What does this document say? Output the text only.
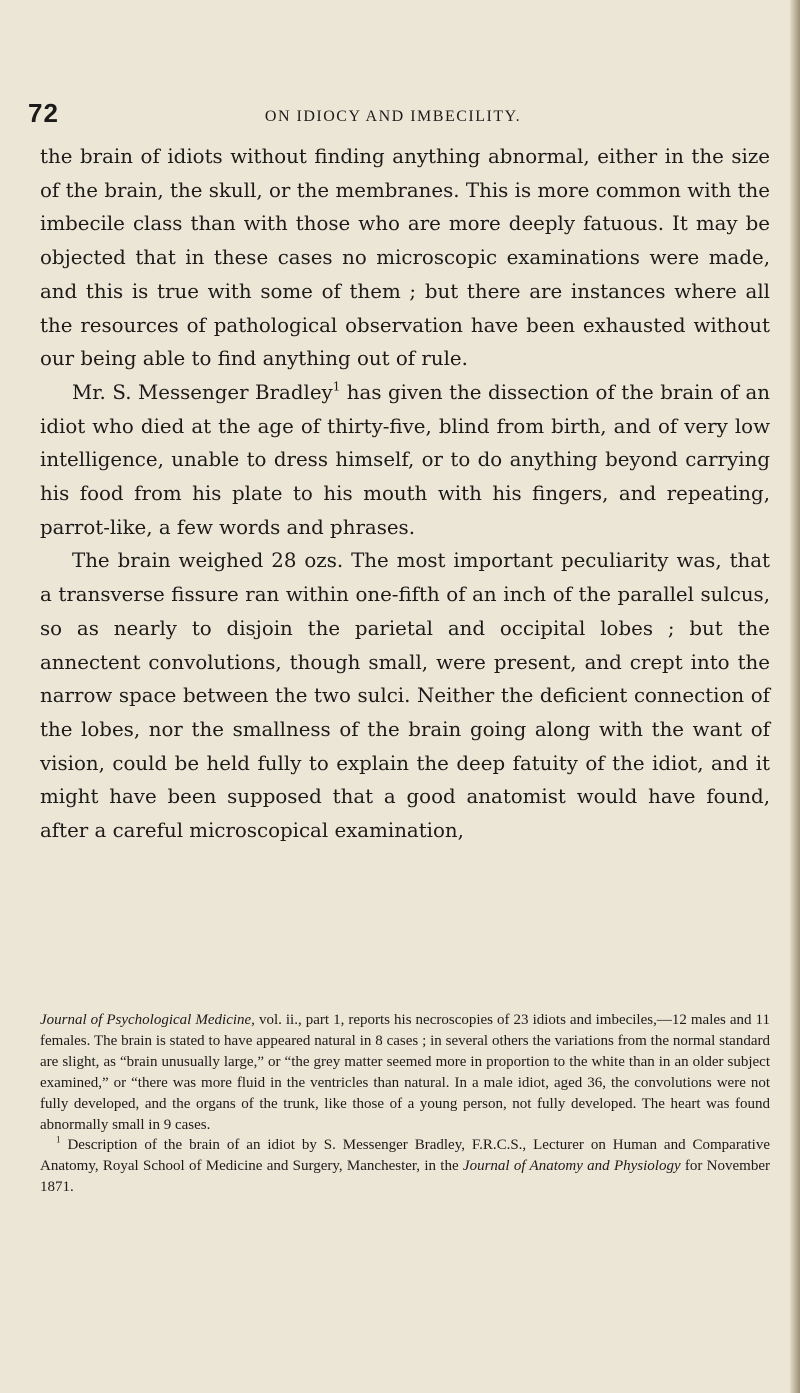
72	ON IDIOCY AND IMBECILITY.

the brain of idiots without finding anything abnormal, either in the size of the brain, the skull, or the membranes. This is more common with the imbecile class than with those who are more deeply fatuous. It may be objected that in these cases no microscopic examinations were made, and this is true with some of them ; but there are instances where all the resources of pathological observation have been exhausted without our being able to find anything out of rule.

Mr. S. Messenger Bradley$^1$ has given the dissection of the brain of an idiot who died at the age of thirty-five, blind from birth, and of very low intelligence, unable to dress himself, or to do anything beyond carrying his food from his plate to his mouth with his fingers, and repeating, parrot-like, a few words and phrases.

The brain weighed 28 ozs. The most important peculiarity was, that a transverse fissure ran within one-fifth of an inch of the parallel sulcus, so as nearly to disjoin the parietal and occipital lobes ; but the annectent convolutions, though small, were present, and crept into the narrow space between the two sulci. Neither the deficient connection of the lobes, nor the smallness of the brain going along with the want of vision, could be held fully to explain the deep fatuity of the idiot, and it might have been supposed that a good anatomist would have found, after a careful microscopical examination,

Journal of Psychological Medicine, vol. ii., part 1, reports his necroscopies of 23 idiots and imbeciles,—12 males and 11 females. The brain is stated to have appeared natural in 8 cases ; in several others the variations from the normal standard are slight, as “brain unusually large,” or “the grey matter seemed more in proportion to the white than in an older subject examined,” or “there was more fluid in the ventricles than natural. In a male idiot, aged 36, the convolutions were not fully developed, and the organs of the trunk, like those of a young person, not fully developed. The heart was found abnormally small in 9 cases.

$^1$ Description of the brain of an idiot by S. Messenger Bradley, F.R.C.S., Lecturer on Human and Comparative Anatomy, Royal School of Medicine and Surgery, Manchester, in the Journal of Anatomy and Physiology for November 1871.
